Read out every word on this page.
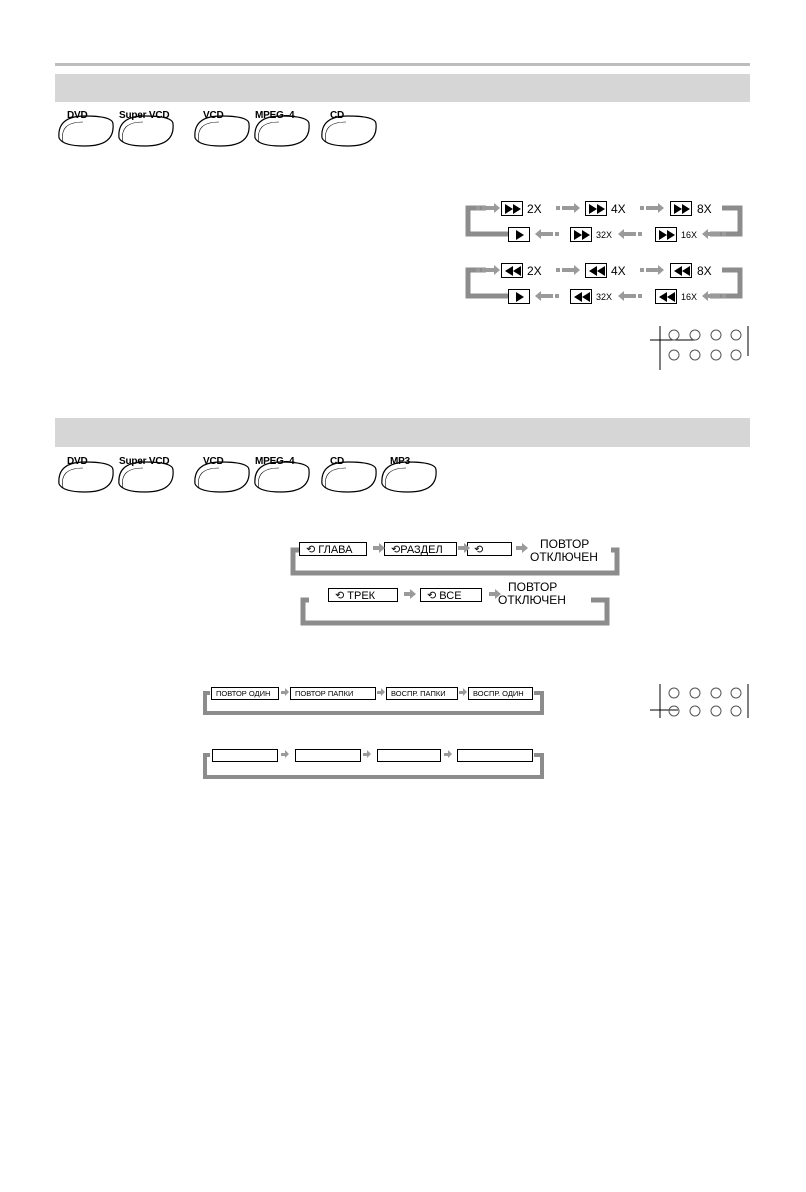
DVD	Super VCD	VCD	MPEG–4	CD
DVD	Super VCD	VCD	MPEG–4	CD	MP3
2X	4X	8X
32X	16X
2X	4X	8X
32X	16X
⟲ ГЛАВА	⟲РАЗДЕЛ	⟲	ПОВТОР
ОТКЛЮЧЕН
⟲ ТРЕК	⟲ ВСЕ
ПОВТОР
ОТКЛЮЧЕН
ПОВТОР ОДИН	ПОВТОР ПАПКИ	ВОСПР. ПАПКИ	ВОСПР. ОДИН
